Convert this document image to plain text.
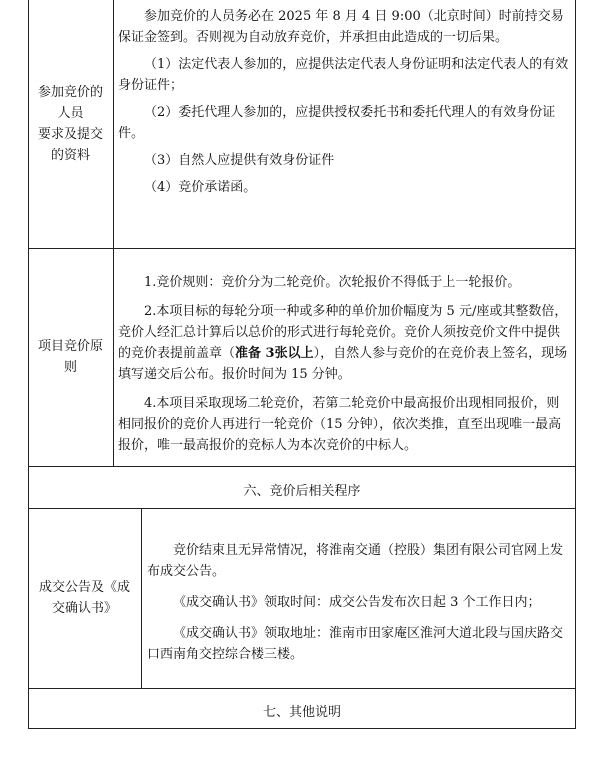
参加竞价的
人员
要求及提交
的资料

参加竞价的人员务必在 2025 年 8 月 4 日 9:00（北京时间）时前持交易保证金签到。否则视为自动放弃竞价，并承担由此造成的一切后果。

（1）法定代表人参加的，应提供法定代表人身份证明和法定代表人的有效身份证件；

（2）委托代理人参加的，应提供授权委托书和委托代理人的有效身份证件。

（3）自然人应提供有效身份证件

（4）竞价承诺函。

项目竞价原
则

1.竞价规则：竞价分为二轮竞价。次轮报价不得低于上一轮报价。

2.本项目标的每轮分项一种或多种的单价加价幅度为 5 元/座或其整数倍，竞价人经汇总计算后以总价的形式进行每轮竞价。竞价人须按竞价文件中提供的竞价表提前盖章（准备 3张以上），自然人参与竞价的在竞价表上签名，现场填写递交后公布。报价时间为 15 分钟。

4.本项目采取现场二轮竞价，若第二轮竞价中最高报价出现相同报价，则相同报价的竞价人再进行一轮竞价（15 分钟），依次类推，直至出现唯一最高报价，唯一最高报价的竞标人为本次竞价的中标人。

六、竞价后相关程序
成交公告及《成
交确认书》

竞价结束且无异常情况，将淮南交通（控股）集团有限公司官网上发布成交公告。

《成交确认书》领取时间：成交公告发布次日起 3 个工作日内；

《成交确认书》领取地址：淮南市田家庵区淮河大道北段与国庆路交口西南角交控综合楼三楼。

七、其他说明
